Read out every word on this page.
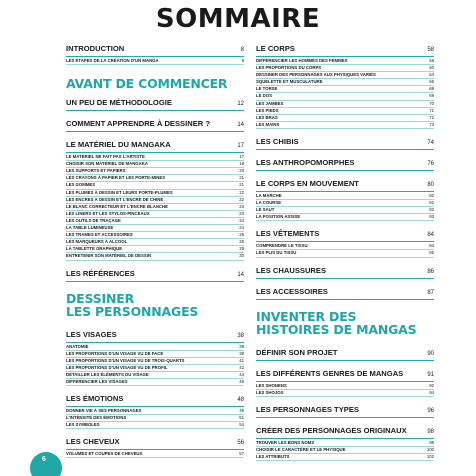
SOMMAIRE
INTRODUCTION	8
LES ÉTAPES DE LA CRÉATION D'UN MANGA	9
AVANT DE COMMENCER
UN PEU DE MÉTHODOLOGIE	12
COMMENT APPRENDRE À DESSINER ?	14
LE MATÉRIEL DU MANGAKA	17
LE MATÉRIEL NE FAIT PAS L'ARTISTE	17
CHOISIR SON MATÉRIEL DE MANGAKA	19
LES SUPPORTS ET PAPIERS	20
LES CRAYONS À PAPIER ET LES PORTE-MINES	21
LES GOMMES	21
LES PLUMES À DESSIN ET LEURS PORTE-PLUMES	22
LES ENCRES À DESSIN ET L'ENCRE DE CHINE	22
LE BLANC CORRECTEUR ET L'ENCRE BLANCHE	23
LES LINERS ET LES STYLOS-PINCEAUX	23
LES OUTILS DE TRAÇAGE	24
LA TABLE LUMINEUSE	24
LES TRAMES ET ACCESSOIRES	25
LES MARQUEURS À ALCOOL	26
LA TABLETTE GRAPHIQUE	29
ENTRETENIR SON MATÉRIEL DE DESSIN	30
LES RÉFÉRENCES	14
DESSINER
LES PERSONNAGES
LES VISAGES	38
ANATOMIE	38
LES PROPORTIONS D'UN VISAGE VU DE FACE	39
LES PROPORTIONS D'UN VISAGE VU DE TROIS-QUARTS	41
LES PROPORTIONS D'UN VISAGE VU DE PROFIL	42
DÉTAILLER LES ÉLÉMENTS DU VISAGE	44
DIFFÉRENCIER LES VISAGES	46
LES ÉMOTIONS	48
DONNER VIE À SES PERSONNAGES	48
L'INTENSITÉ DES ÉMOTIONS	51
LES SYMBOLES	54
LES CHEVEUX	56
VOLUMES ET COUPES DE CHEVEUX	57
LE CORPS	58
DIFFÉRENCIER LES HOMMES DES FEMMES	58
LES PROPORTIONS DU CORPS	60
DESSINER DES PERSONNAGES AUX PHYSIQUES VARIÉS	64
SQUELETTE ET MUSCULATURE	66
LE TORSE	68
LE DOS	69
LES JAMBES	70
LES PIEDS	71
LES BRAS	72
LES MAINS	73
LES CHIBIS	74
LES ANTHROPOMORPHES	76
LE CORPS EN MOUVEMENT	80
LA MARCHE	82
LA COURSE	82
LE SAUT	82
LA POSITION ASSISE	83
LES VÊTEMENTS	84
COMPRENDRE LE TISSU	84
LES PLIS DU TISSU	85
LES CHAUSSURES	86
LES ACCESSOIRES	87
INVENTER DES
HISTOIRES DE MANGAS
DÉFINIR SON PROJET	90
LES DIFFÉRENTS GENRES DE MANGAS	91
LES SHONENS	92
LES SHOJOS	94
LES PERSONNAGES TYPES	96
CRÉER DES PERSONNAGES ORIGINAUX	98
TROUVER LES BONS NOMS	99
CHOISIR LE CARACTÈRE ET LE PHYSIQUE	100
LES ATTRIBUTS	102
6
